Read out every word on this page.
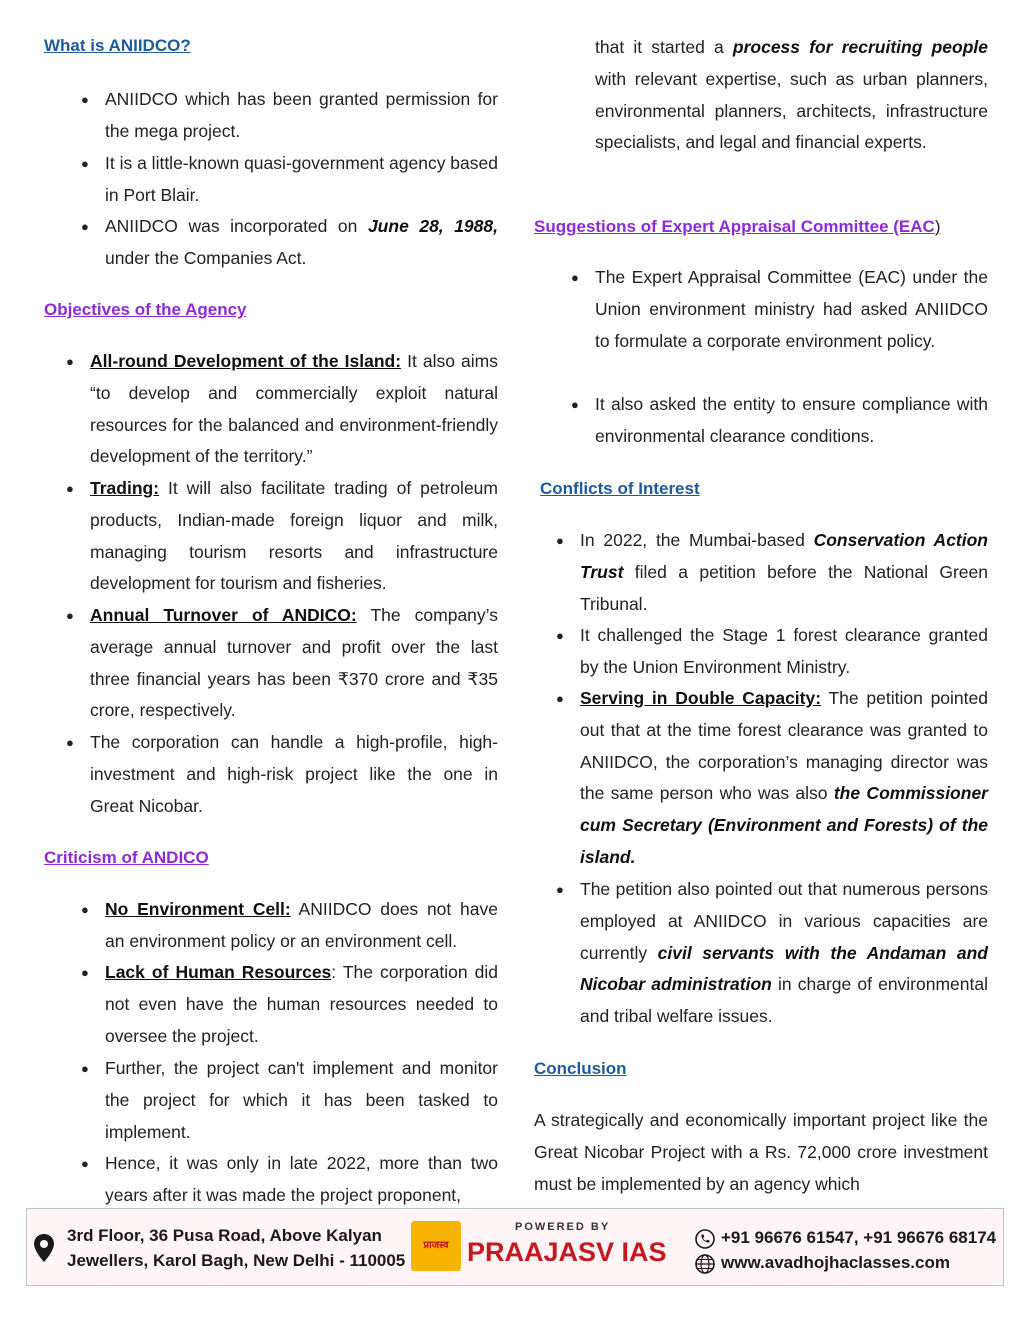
What is ANIIDCO?
● ANIIDCO which has been granted permission for the mega project.
● It is a little-known quasi-government agency based in Port Blair.
● ANIIDCO was incorporated on June 28, 1988, under the Companies Act.
Objectives of the Agency
● All-round Development of the Island: It also aims “to develop and commercially exploit natural resources for the balanced and environment-friendly development of the territory.”
● Trading: It will also facilitate trading of petroleum products, Indian-made foreign liquor and milk, managing tourism resorts and infrastructure development for tourism and fisheries.
● Annual Turnover of ANDICO: The company’s average annual turnover and profit over the last three financial years has been ₹370 crore and ₹35 crore, respectively.
● The corporation can handle a high-profile, high-investment and high-risk project like the one in Great Nicobar.
Criticism of ANDICO
● No Environment Cell: ANIIDCO does not have an environment policy or an environment cell.
● Lack of Human Resources: The corporation did not even have the human resources needed to oversee the project.
● Further, the project can't implement and monitor the project for which it has been tasked to implement.
● Hence, it was only in late 2022, more than two years after it was made the project proponent,
that it started a process for recruiting people with relevant expertise, such as urban planners, environmental planners, architects, infrastructure specialists, and legal and financial experts.
Suggestions of Expert Appraisal Committee (EAC)
● The Expert Appraisal Committee (EAC) under the Union environment ministry had asked ANIIDCO to formulate a corporate environment policy.
● It also asked the entity to ensure compliance with environmental clearance conditions.
Conflicts of Interest
● In 2022, the Mumbai-based Conservation Action Trust filed a petition before the National Green Tribunal.
● It challenged the Stage 1 forest clearance granted by the Union Environment Ministry.
● Serving in Double Capacity: The petition pointed out that at the time forest clearance was granted to ANIIDCO, the corporation’s managing director was the same person who was also the Commissioner cum Secretary (Environment and Forests) of the island.
● The petition also pointed out that numerous persons employed at ANIIDCO in various capacities are currently civil servants with the Andaman and Nicobar administration in charge of environmental and tribal welfare issues.
Conclusion
A strategically and economically important project like the Great Nicobar Project with a Rs. 72,000 crore investment must be implemented by an agency which
3rd Floor, 36 Pusa Road, Above Kalyan
Jewellers, Karol Bagh, New Delhi - 110005
प्राजस्व
POWERED BY
PRAAJASV IAS	+91 96676 61547, +91 96676 68174
www.avadhojhaclasses.com
